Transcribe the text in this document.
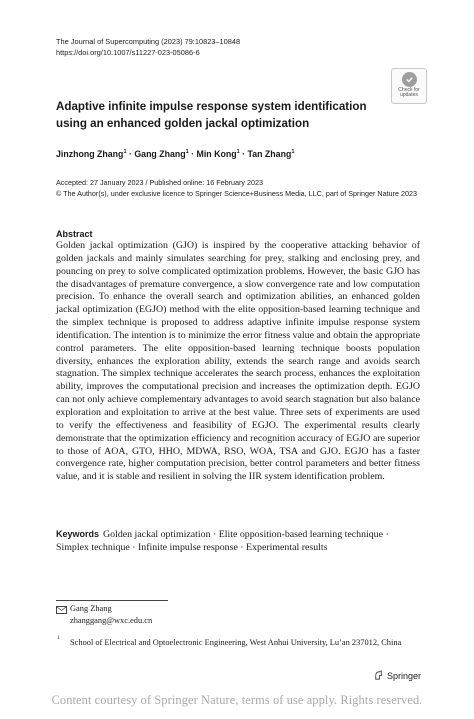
The Journal of Supercomputing (2023) 79:10823–10848
https://doi.org/10.1007/s11227-023-05086-6
Check for
updates
Adaptive infinite impulse response system identification using an enhanced golden jackal optimization
Jinzhong Zhang$^1$ · Gang Zhang$^1$ · Min Kong$^1$ · Tan Zhang$^1$
Accepted: 27 January 2023 / Published online: 16 February 2023
© The Author(s), under exclusive licence to Springer Science+Business Media, LLC, part of Springer Nature 2023
Abstract
Golden jackal optimization (GJO) is inspired by the cooperative attacking behavior of golden jackals and mainly simulates searching for prey, stalking and enclosing prey, and pouncing on prey to solve complicated optimization problems. However, the basic GJO has the disadvantages of premature convergence, a slow convergence rate and low computation precision. To enhance the overall search and optimization abilities, an enhanced golden jackal optimization (EGJO) method with the elite opposition-based learning technique and the simplex technique is proposed to address adaptive infinite impulse response system identification. The intention is to minimize the error fitness value and obtain the appropriate control parameters. The elite opposition-based learning technique boosts population diversity, enhances the exploration ability, extends the search range and avoids search stagnation. The simplex technique accelerates the search process, enhances the exploitation ability, improves the computational precision and increases the optimization depth. EGJO can not only achieve complementary advantages to avoid search stagnation but also balance exploration and exploitation to arrive at the best value. Three sets of experiments are used to verify the effectiveness and feasibility of EGJO. The experimental results clearly demonstrate that the optimization efficiency and recognition accuracy of EGJO are superior to those of AOA, GTO, HHO, MDWA, RSO, WOA, TSA and GJO. EGJO has a faster convergence rate, higher computation precision, better control parameters and better fitness value, and it is stable and resilient in solving the IIR system identification problem.
Keywords Golden jackal optimization · Elite opposition-based learning technique · Simplex technique · Infinite impulse response · Experimental results
Gang Zhang
zhanggang@wxc.edu.cn
1 School of Electrical and Optoelectronic Engineering, West Anhui University, Lu’an 237012, China
Springer
Content courtesy of Springer Nature, terms of use apply. Rights reserved.
